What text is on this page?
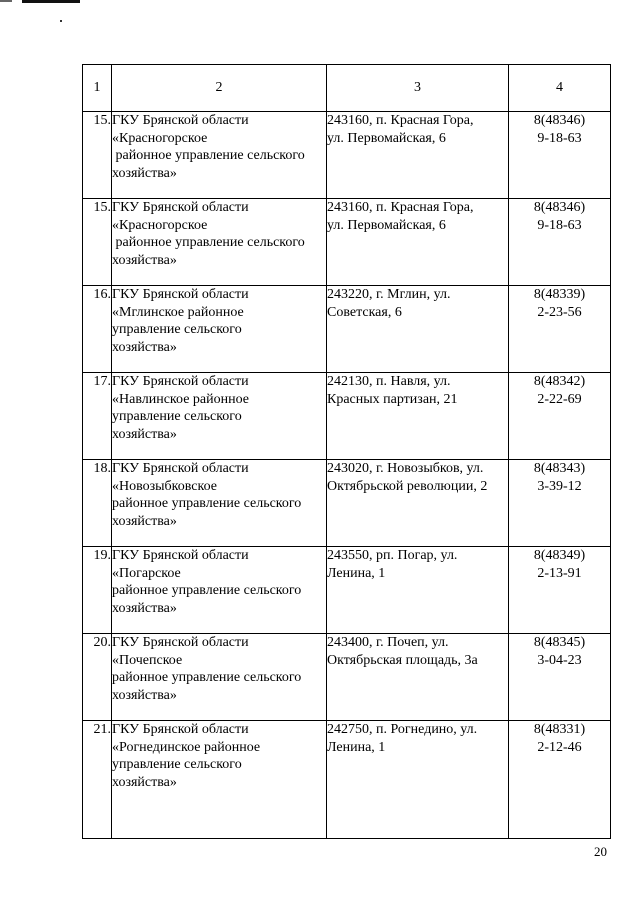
1	2	3	4
15.	ГКУ Брянской области
«Красногорское
районное управление сельского
хозяйства»	243160, п. Красная Гора,
ул. Первомайская, 6	8(48346)
9-18-63

15.	ГКУ Брянской области
«Красногорское
районное управление сельского
хозяйства»	243160, п. Красная Гора,
ул. Первомайская, 6	8(48346)
9-18-63

16.	ГКУ Брянской области
«Мглинское районное
управление сельского
хозяйства»	243220, г. Мглин, ул.
Советская, 6	8(48339)
2-23-56

17.	ГКУ Брянской области
«Навлинское районное
управление сельского
хозяйства»	242130, п. Навля, ул.
Красных партизан, 21	8(48342)
2-22-69

18.	ГКУ Брянской области
«Новозыбковское
районное управление сельского
хозяйства»	243020, г. Новозыбков, ул.
Октябрьской революции, 2	8(48343)
3-39-12

19.	ГКУ Брянской области
«Погарское
районное управление сельского
хозяйства»	243550, рп. Погар, ул.
Ленина, 1	8(48349)
2-13-91

20.	ГКУ Брянской области
«Почепское
районное управление сельского
хозяйства»	243400, г. Почеп, ул.
Октябрьская площадь, 3а	8(48345)
3-04-23

21.	ГКУ Брянской области
«Рогнединское районное
управление сельского
хозяйства»	242750, п. Рогнедино, ул.
Ленина, 1	8(48331)
2-12-46
20
